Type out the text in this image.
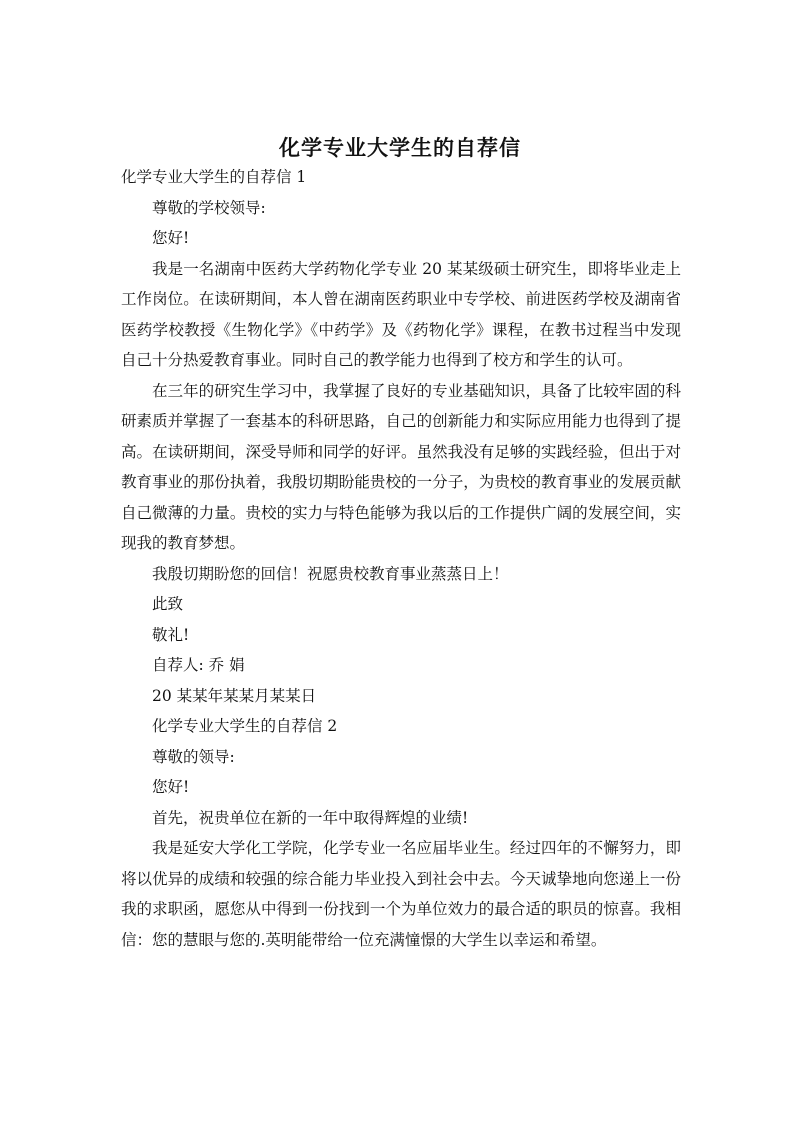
化学专业大学生的自荐信

化学专业大学生的自荐信 1

尊敬的学校领导:

您好!

我是一名湖南中医药大学药物化学专业 20 某某级硕士研究生，即将毕业走上工作岗位。在读研期间，本人曾在湖南医药职业中专学校、前进医药学校及湖南省医药学校教授《生物化学》《中药学》及《药物化学》课程，在教书过程当中发现自己十分热爱教育事业。同时自己的教学能力也得到了校方和学生的认可。

在三年的研究生学习中，我掌握了良好的专业基础知识，具备了比较牢固的科研素质并掌握了一套基本的科研思路，自己的创新能力和实际应用能力也得到了提高。在读研期间，深受导师和同学的好评。虽然我没有足够的实践经验，但出于对教育事业的那份执着，我殷切期盼能贵校的一分子，为贵校的教育事业的发展贡献自己微薄的力量。贵校的实力与特色能够为我以后的工作提供广阔的发展空间，实现我的教育梦想。

我殷切期盼您的回信！祝愿贵校教育事业蒸蒸日上！

此致

敬礼!

自荐人: 乔 娟

20 某某年某某月某某日

化学专业大学生的自荐信 2

尊敬的领导:

您好!

首先，祝贵单位在新的一年中取得辉煌的业绩!

我是延安大学化工学院，化学专业一名应届毕业生。经过四年的不懈努力，即将以优异的成绩和较强的综合能力毕业投入到社会中去。今天诚挚地向您递上一份我的求职函，愿您从中得到一份找到一个为单位效力的最合适的职员的惊喜。我相信：您的慧眼与您的.英明能带给一位充满憧憬的大学生以幸运和希望。
